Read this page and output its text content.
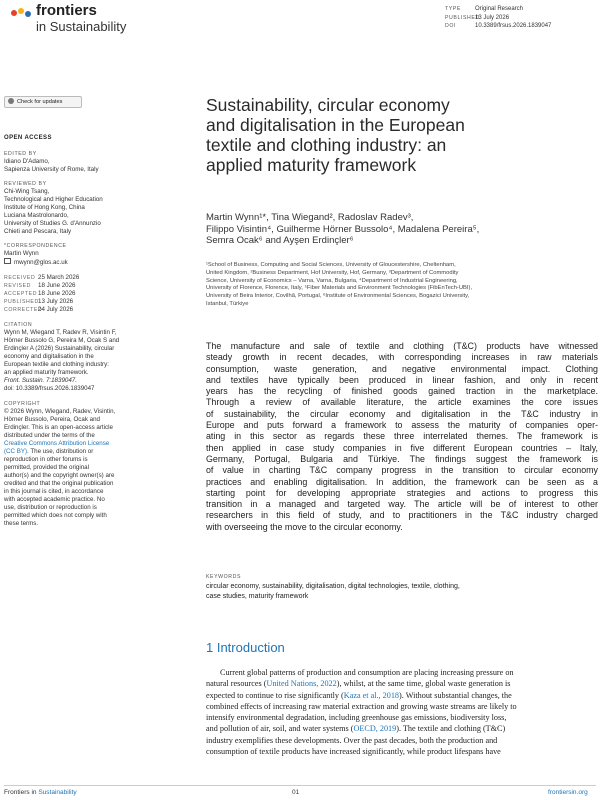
frontiers
in Sustainability
TYPE Original Research
PUBLISHED13 July 2026
DOI	10.3389/frsus.2026.1839047
Check for updates
OPEN ACCESS
EDITED BY
Idiano D'Adamo,
Sapienza University of Rome, Italy
REVIEWED BY
Chi-Wing Tsang,
Technological and Higher Education
Institute of Hong Kong, China
Luciana Mastrolonardo,
University of Studies G. d'Annunzio
Chieti and Pescara, Italy
*CORRESPONDENCE
Martin Wynn
mwynn@glos.ac.uk
RECEIVED 25 March 2026
REVISED 18 June 2026
ACCEPTED18 June 2026
PUBLISHED13 July 2026
CORRECTED24 July 2026
CITATION
Wynn M, Wiegand T, Radev R, Visintin F,
Hörner Bussolo G, Pereira M, Ocak S and
Erdinçler A (2026) Sustainability, circular
economy and digitalisation in the
European textile and clothing industry:
an applied maturity framework.
Front. Sustain. 7:1839047.
doi: 10.3389/frsus.2026.1839047
COPYRIGHT
© 2026 Wynn, Wiegand, Radev, Visintin,
Hörner Bussolo, Pereira, Ocak and
Erdinçler. This is an open-access article
distributed under the terms of the
Creative Commons Attribution License
(CC BY). The use, distribution or
reproduction in other forums is
permitted, provided the original
author(s) and the copyright owner(s) are
credited and that the original publication
in this journal is cited, in accordance
with accepted academic practice. No
use, distribution or reproduction is
permitted which does not comply with
these terms.
Sustainability, circular economy
and digitalisation in the European
textile and clothing industry: an
applied maturity framework
Martin Wynn¹*, Tina Wiegand², Radoslav Radev³,
Filippo Visintin⁴, Guilherme Hörner Bussolo⁴, Madalena Pereira⁵,
Semra Ocak⁶ and Ayşen Erdinçler⁶
¹School of Business, Computing and Social Sciences, University of Gloucestershire, Cheltenham,
United Kingdom, ²Business Department, Hof University, Hof, Germany, ³Department of Commodity
Science, University of Economics – Varna, Varna, Bulgaria, ⁴Department of Industrial Engineering,
University of Florence, Florence, Italy, ⁵Fiber Materials and Environment Technologies (FibEnTech-UBI),
University of Beira Interior, Covilhã, Portugal, ⁶Institute of Environmental Sciences, Bogazici University,
Istanbul, Türkiye
The manufacture and sale of textile and clothing (T&C) products have witnessed
steady growth in recent decades, with corresponding increases in raw materials
consumption, waste generation, and negative environmental impact. Clothing
and textiles have typically been produced in linear fashion, and only in recent
years has the recycling of finished goods gained traction in the marketplace.
Through a review of available literature, the article examines the core issues
of sustainability, the circular economy and digitalisation in the T&C industry in
Europe and puts forward a framework to assess the maturity of companies oper-
ating in this sector as regards these three interrelated themes. The framework is
then applied in case study companies in five different European countries – Italy,
Germany, Portugal, Bulgaria and Türkiye. The findings suggest the framework is
of value in charting T&C company progress in the transition to circular economy
practices and enabling digitalisation. In addition, the framework can be seen as a
starting point for developing appropriate strategies and actions to progress this
transition in a managed and targeted way. The article will be of interest to other
researchers in this field of study, and to practitioners in the T&C industry charged
with overseeing the move to the circular economy.
KEYWORDS
circular economy, sustainability, digitalisation, digital technologies, textile, clothing,
case studies, maturity framework
1 Introduction
Current global patterns of production and consumption are placing increasing pressure on
natural resources (United Nations, 2022), whilst, at the same time, global waste generation is
expected to continue to rise significantly (Kaza et al., 2018). Without substantial changes, the
combined effects of increasing raw material extraction and growing waste streams are likely to
intensify environmental degradation, including greenhouse gas emissions, biodiversity loss,
and pollution of air, soil, and water systems (OECD, 2019). The textile and clothing (T&C)
industry exemplifies these developments. Over the past decades, both the production and
consumption of textile products have increased significantly, while product lifespans have
Frontiers in Sustainability	01	frontiersin.org
